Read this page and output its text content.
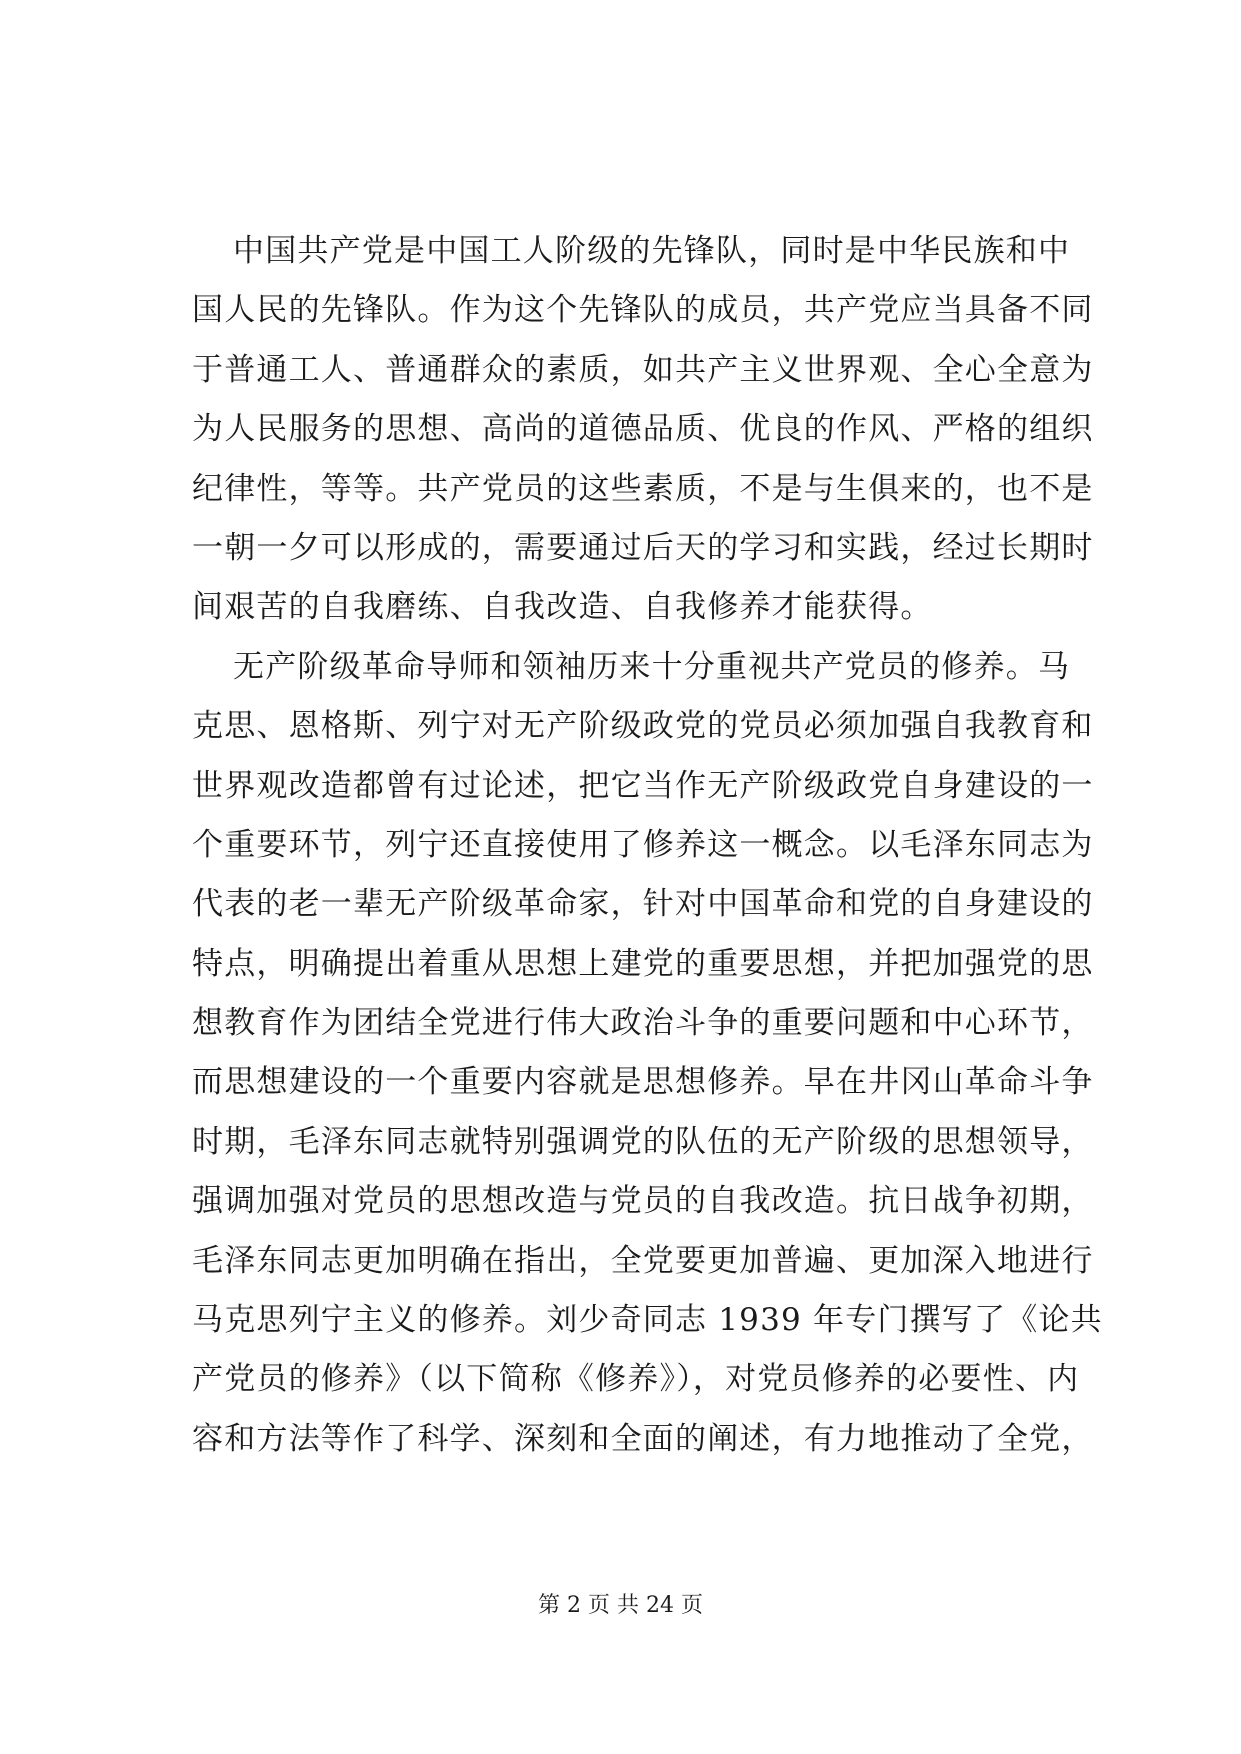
中国共产党是中国工人阶级的先锋队，同时是中华民族和中
国人民的先锋队。作为这个先锋队的成员，共产党应当具备不同
于普通工人、普通群众的素质，如共产主义世界观、全心全意为
为人民服务的思想、高尚的道德品质、优良的作风、严格的组织
纪律性，等等。共产党员的这些素质，不是与生俱来的，也不是
一朝一夕可以形成的，需要通过后天的学习和实践，经过长期时
间艰苦的自我磨练、自我改造、自我修养才能获得。
无产阶级革命导师和领袖历来十分重视共产党员的修养。马
克思、恩格斯、列宁对无产阶级政党的党员必须加强自我教育和
世界观改造都曾有过论述，把它当作无产阶级政党自身建设的一
个重要环节，列宁还直接使用了修养这一概念。以毛泽东同志为
代表的老一辈无产阶级革命家，针对中国革命和党的自身建设的
特点，明确提出着重从思想上建党的重要思想，并把加强党的思
想教育作为团结全党进行伟大政治斗争的重要问题和中心环节，
而思想建设的一个重要内容就是思想修养。早在井冈山革命斗争
时期，毛泽东同志就特别强调党的队伍的无产阶级的思想领导，
强调加强对党员的思想改造与党员的自我改造。抗日战争初期，
毛泽东同志更加明确在指出，全党要更加普遍、更加深入地进行
马克思列宁主义的修养。刘少奇同志 1939 年专门撰写了《论共
产党员的修养》（以下简称《修养》），对党员修养的必要性、内
容和方法等作了科学、深刻和全面的阐述，有力地推动了全党，
第 2 页 共 24 页
